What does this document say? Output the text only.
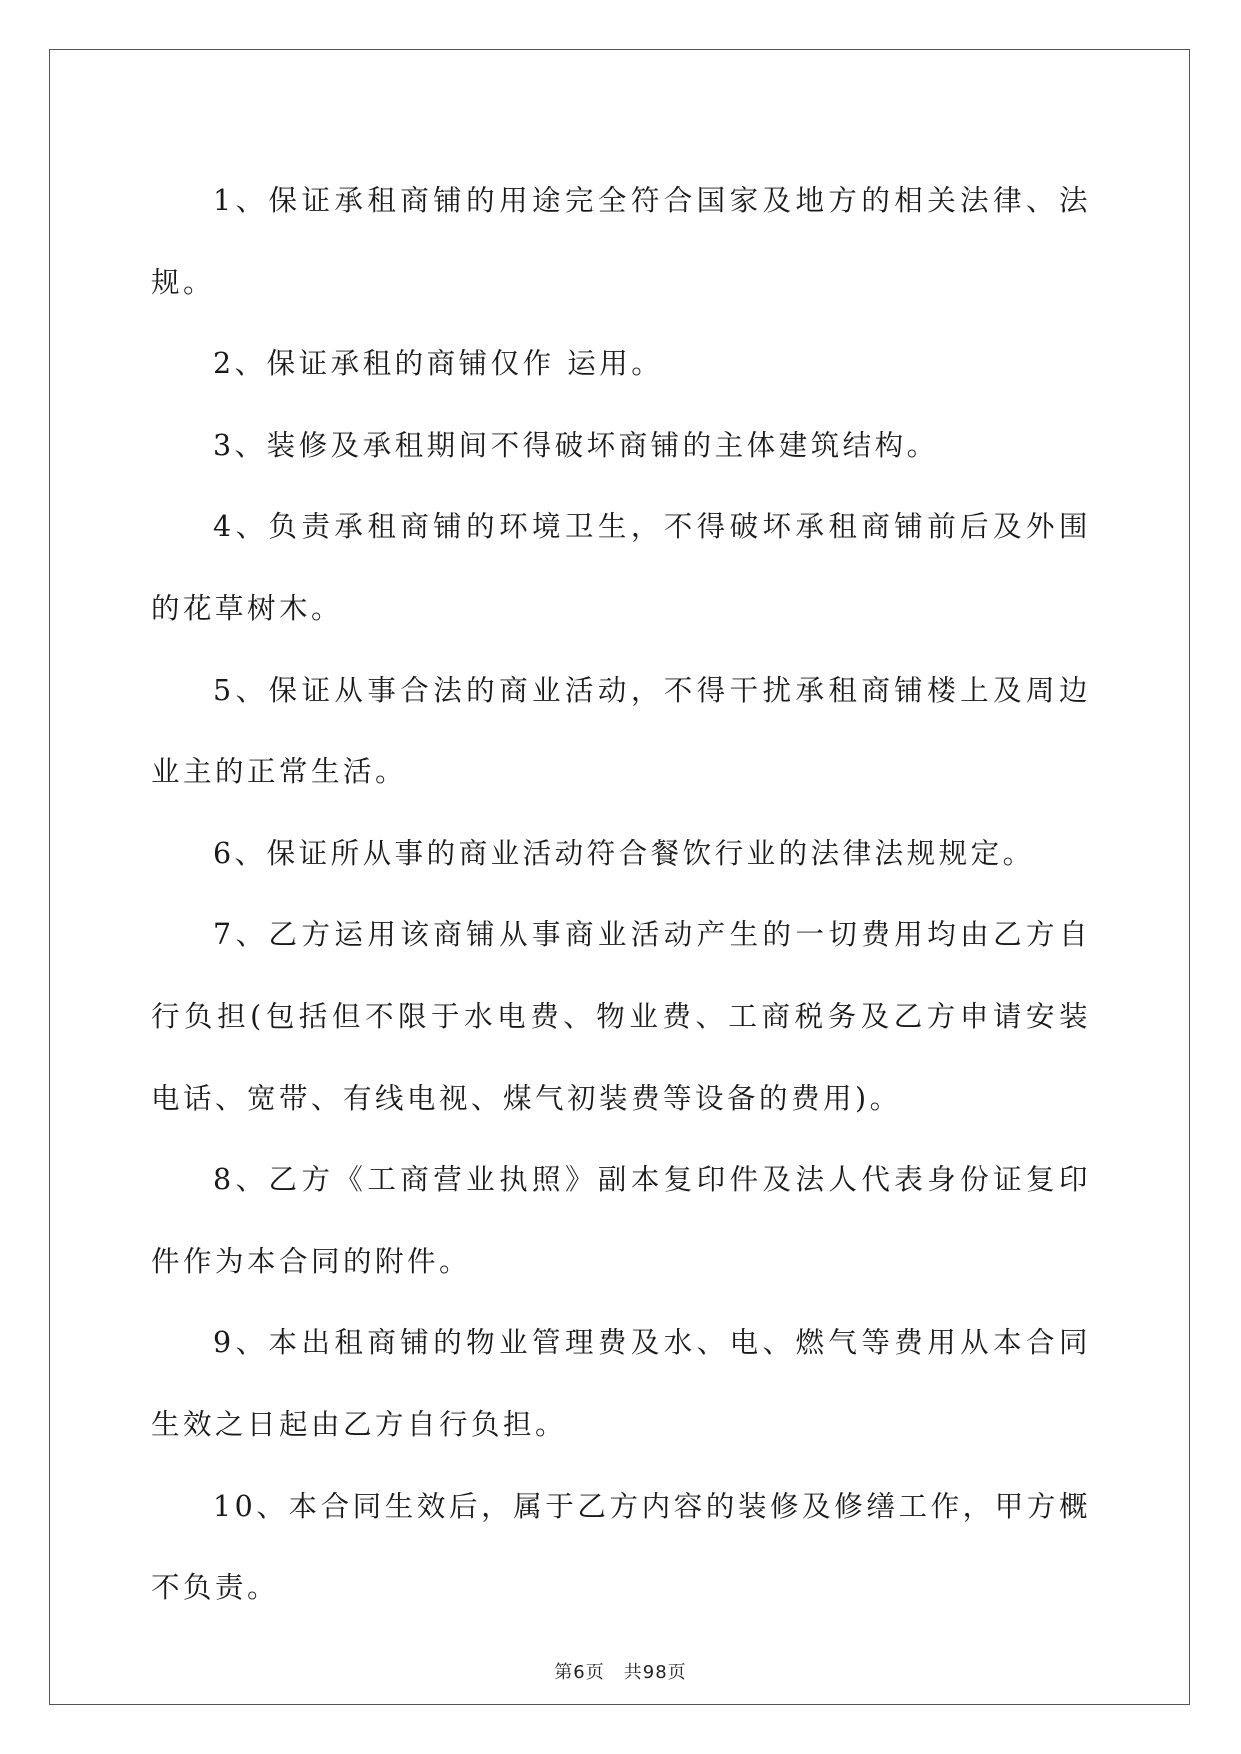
1、保证承租商铺的用途完全符合国家及地方的相关法律、法规。

2、保证承租的商铺仅作 运用。

3、装修及承租期间不得破坏商铺的主体建筑结构。

4、负责承租商铺的环境卫生，不得破坏承租商铺前后及外围的花草树木。

5、保证从事合法的商业活动，不得干扰承租商铺楼上及周边业主的正常生活。

6、保证所从事的商业活动符合餐饮行业的法律法规规定。

7、乙方运用该商铺从事商业活动产生的一切费用均由乙方自行负担(包括但不限于水电费、物业费、工商税务及乙方申请安装电话、宽带、有线电视、煤气初装费等设备的费用)。

8、乙方《工商营业执照》副本复印件及法人代表身份证复印件作为本合同的附件。

9、本出租商铺的物业管理费及水、电、燃气等费用从本合同生效之日起由乙方自行负担。

10、本合同生效后，属于乙方内容的装修及修缮工作，甲方概不负责。

第6页　共98页
